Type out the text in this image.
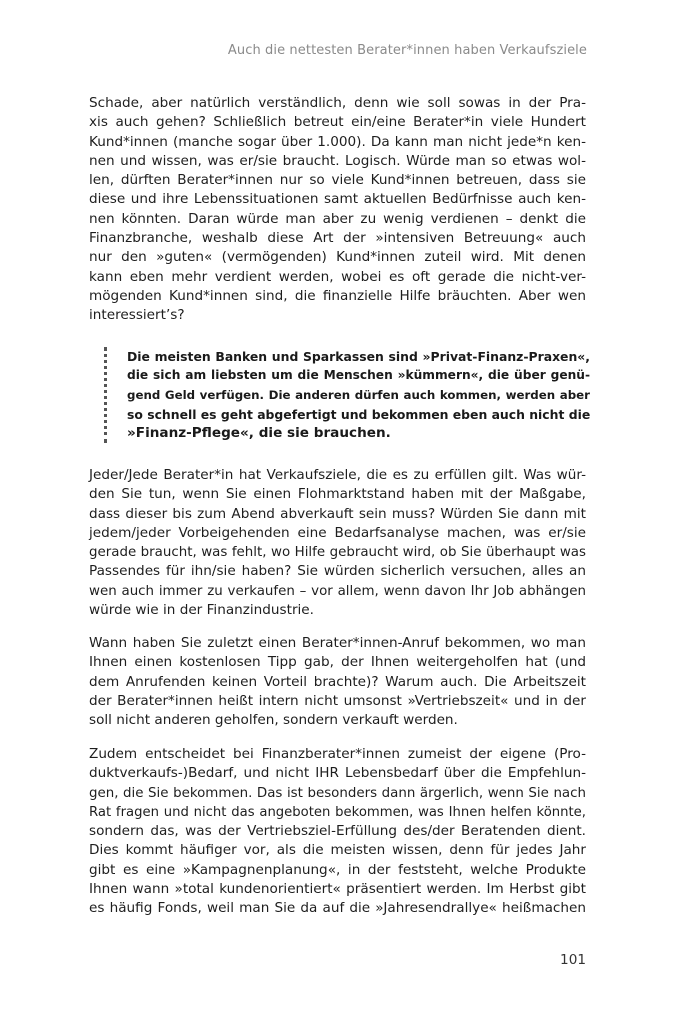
Auch die nettesten Berater*innen haben Verkaufsziele
Schade, aber natürlich verständlich, denn wie soll sowas in der Pra-
xis auch gehen? Schließlich betreut ein/eine Berater*in viele Hundert
Kund*innen (manche sogar über 1.000). Da kann man nicht jede*n ken-
nen und wissen, was er/sie braucht. Logisch. Würde man so etwas wol-
len, dürften Berater*innen nur so viele Kund*innen betreuen, dass sie
diese und ihre Lebenssituationen samt aktuellen Bedürfnisse auch ken-
nen könnten. Daran würde man aber zu wenig verdienen – denkt die
Finanzbranche, weshalb diese Art der »intensiven Betreuung« auch
nur den »guten« (vermögenden) Kund*innen zuteil wird. Mit denen
kann eben mehr verdient werden, wobei es oft gerade die nicht-ver-
mögenden Kund*innen sind, die finanzielle Hilfe bräuchten. Aber wen
interessiert’s?
Die meisten Banken und Sparkassen sind »Privat-Finanz-Praxen«,
die sich am liebsten um die Menschen »kümmern«, die über genü-
gend Geld verfügen. Die anderen dürfen auch kommen, werden aber
so schnell es geht abgefertigt und bekommen eben auch nicht die
»Finanz-Pflege«, die sie brauchen.
Jeder/Jede Berater*in hat Verkaufsziele, die es zu erfüllen gilt. Was wür-
den Sie tun, wenn Sie einen Flohmarktstand haben mit der Maßgabe,
dass dieser bis zum Abend abverkauft sein muss? Würden Sie dann mit
jedem/jeder Vorbeigehenden eine Bedarfsanalyse machen, was er/sie
gerade braucht, was fehlt, wo Hilfe gebraucht wird, ob Sie überhaupt was
Passendes für ihn/sie haben? Sie würden sicherlich versuchen, alles an
wen auch immer zu verkaufen – vor allem, wenn davon Ihr Job abhängen
würde wie in der Finanzindustrie.
Wann haben Sie zuletzt einen Berater*innen-Anruf bekommen, wo man
Ihnen einen kostenlosen Tipp gab, der Ihnen weitergeholfen hat (und
dem Anrufenden keinen Vorteil brachte)? Warum auch. Die Arbeitszeit
der Berater*innen heißt intern nicht umsonst »Vertriebszeit« und in der
soll nicht anderen geholfen, sondern verkauft werden.
Zudem entscheidet bei Finanzberater*innen zumeist der eigene (Pro-
duktverkaufs-)Bedarf, und nicht IHR Lebensbedarf über die Empfehlun-
gen, die Sie bekommen. Das ist besonders dann ärgerlich, wenn Sie nach
Rat fragen und nicht das angeboten bekommen, was Ihnen helfen könnte,
sondern das, was der Vertriebsziel-Erfüllung des/der Beratenden dient.
Dies kommt häufiger vor, als die meisten wissen, denn für jedes Jahr
gibt es eine »Kampagnenplanung«, in der feststeht, welche Produkte
Ihnen wann »total kundenorientiert« präsentiert werden. Im Herbst gibt
es häufig Fonds, weil man Sie da auf die »Jahresendrallye« heißmachen
101
